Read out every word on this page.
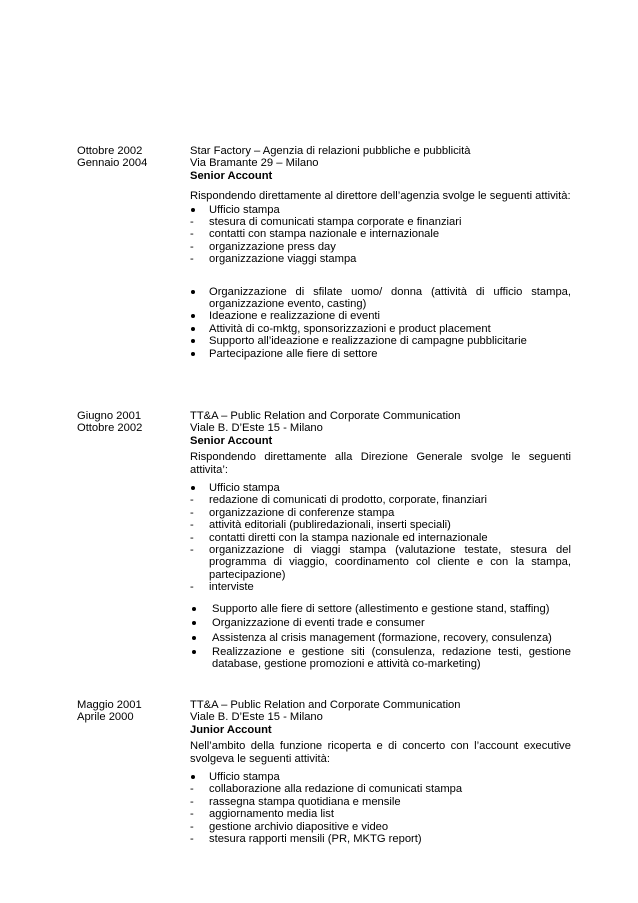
Ottobre 2002
Gennaio 2004
Star Factory – Agenzia di relazioni pubbliche e pubblicità
Via Bramante 29 – Milano
Senior Account
Rispondendo direttamente al direttore dell’agenzia svolge le seguenti attività:
Ufficio stampa
stesura di comunicati stampa corporate e finanziari
contatti con stampa nazionale e internazionale
organizzazione press day
organizzazione viaggi stampa
Organizzazione di sfilate uomo/ donna (attività di ufficio stampa, organizzazione evento, casting)
Ideazione e realizzazione di eventi
Attività di co-mktg, sponsorizzazioni e product placement
Supporto all’ideazione e realizzazione di campagne pubblicitarie
Partecipazione alle fiere di settore
Giugno 2001
Ottobre 2002
TT&A – Public Relation and Corporate Communication
Viale B. D’Este 15 - Milano
Senior Account
Rispondendo direttamente alla Direzione Generale svolge le seguenti attivita’:
Ufficio stampa
redazione di comunicati di prodotto, corporate, finanziari
organizzazione di conferenze stampa
attività editoriali (publiredazionali, inserti speciali)
contatti diretti con la stampa nazionale ed internazionale
organizzazione di viaggi stampa (valutazione testate, stesura del programma di viaggio, coordinamento col cliente e con la stampa, partecipazione)
interviste
Supporto alle fiere di settore (allestimento e gestione stand, staffing)
Organizzazione di eventi trade e consumer
Assistenza al crisis management (formazione, recovery, consulenza)
Realizzazione e gestione siti (consulenza, redazione testi, gestione database, gestione promozioni e attività co-marketing)
Maggio 2001
Aprile 2000
TT&A – Public Relation and Corporate Communication
Viale B. D’Este 15 - Milano
Junior Account
Nell’ambito della funzione ricoperta e di concerto con l’account executive svolgeva le seguenti attività:
Ufficio stampa
collaborazione alla redazione di comunicati stampa
rassegna stampa quotidiana e mensile
aggiornamento media list
gestione archivio diapositive e video
stesura rapporti mensili (PR, MKTG report)
